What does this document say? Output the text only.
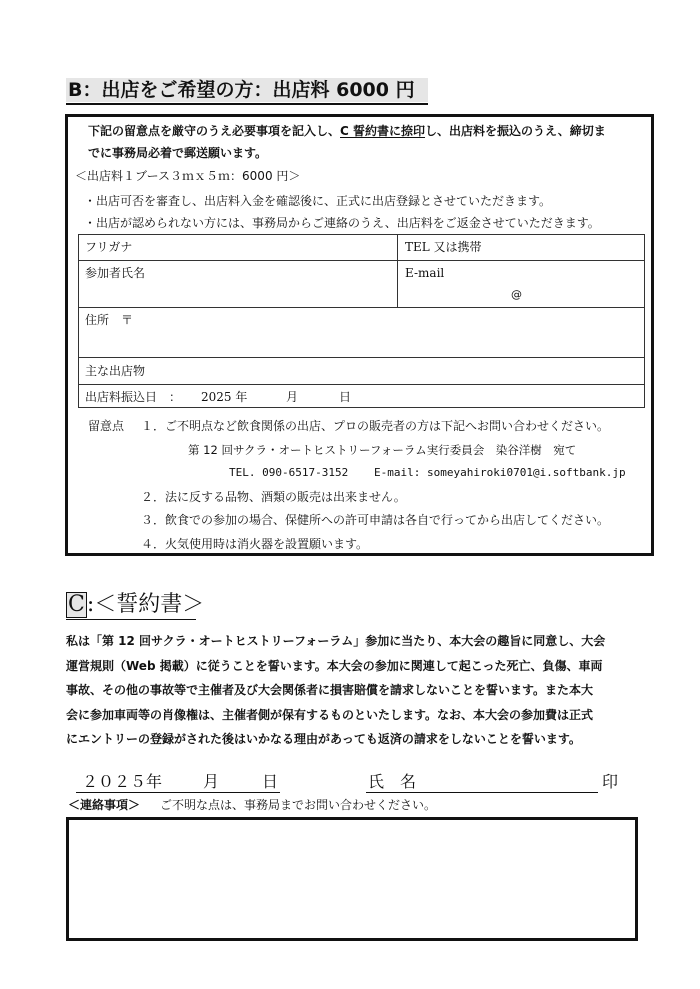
B：出店をご希望の方：出店料 6000 円
下記の留意点を厳守のうえ必要事項を記入し、C 誓約書に捺印し、出店料を振込のうえ、締切ま
でに事務局必着で郵送願います。
＜出店料１ブース３ｍｘ５ｍ：6000 円＞
・出店可否を審査し、出店料入金を確認後に、正式に出店登録とさせていただきます。
・出店が認められない方には、事務局からご連絡のうえ、出店料をご返金させていただきます。
フリガナ	TEL 又は携帯
参加者氏名	E-mail
@
住所　〒
主な出店物
出店料振込日　： 2025 年	月	日
留意点 １．ご不明点など飲食関係の出店、プロの販売者の方は下記へお問い合わせください。
第 12 回サクラ・オートヒストリーフォーラム実行委員会　染谷洋樹　宛て
TEL. 090-6517-3152 E-mail: someyahiroki0701@i.softbank.jp
２．法に反する品物、酒類の販売は出来ません。
３．飲食での参加の場合、保健所への許可申請は各自で行ってから出店してください。
４．火気使用時は消火器を設置願います。
C:＜誓約書＞

私は「第 12 回サクラ・オートヒストリーフォーラム」参加に当たり、本大会の趣旨に同意し、大会

運営規則（Web 掲載）に従うことを誓います。本大会の参加に関連して起こった死亡、負傷、車両

事故、その他の事故等で主催者及び大会関係者に損害賠償を請求しないことを誓います。また本大

会に参加車両等の肖像権は、主催者側が保有するものといたします。なお、本大会の参加費は正式

にエントリーの登録がされた後はいかなる理由があっても返済の請求をしないことを誓います。

２０２５年	月	日	氏　名	印
＜連絡事項＞ ご不明な点は、事務局までお問い合わせください。
